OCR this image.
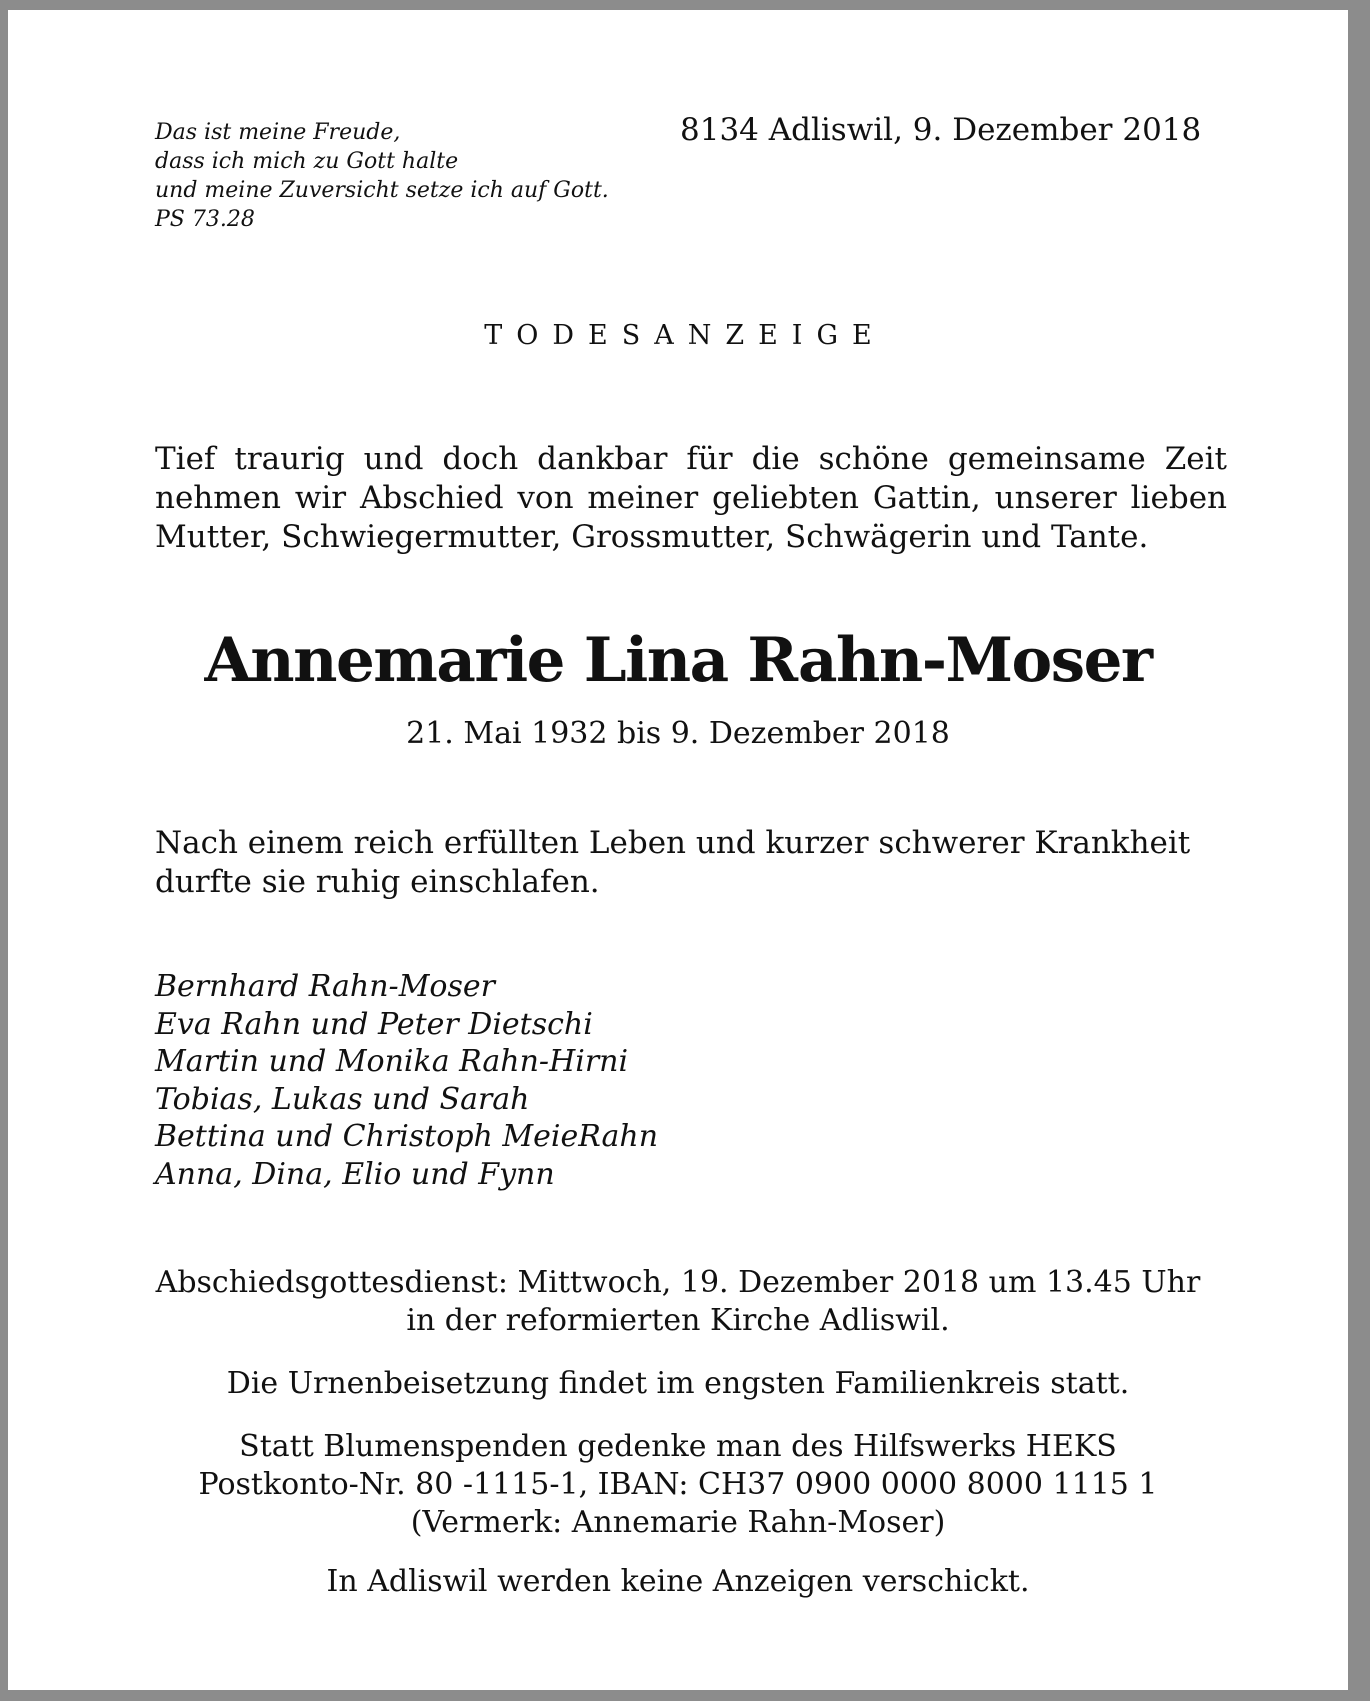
Das ist meine Freude,
dass ich mich zu Gott halte
und meine Zuversicht setze ich auf Gott.
PS 73.28
8134 Adliswil, 9. Dezember 2018
TODESANZEIGE
Tief traurig und doch dankbar für die schöne gemeinsame Zeit nehmen wir Abschied von meiner geliebten Gattin, unserer lieben Mutter, Schwiegermutter, Grossmutter, Schwägerin und Tante.
Annemarie Lina Rahn-Moser
21. Mai 1932 bis 9. Dezember 2018
Nach einem reich erfüllten Leben und kurzer schwerer Krankheit durfte sie ruhig einschlafen.
Bernhard Rahn-Moser
Eva Rahn und Peter Dietschi
Martin und Monika Rahn-Hirni
Tobias, Lukas und Sarah
Bettina und Christoph MeieRahn
Anna, Dina, Elio und Fynn
Abschiedsgottesdienst: Mittwoch, 19. Dezember 2018 um 13.45 Uhr
in der reformierten Kirche Adliswil.
Die Urnenbeisetzung findet im engsten Familienkreis statt.
Statt Blumenspenden gedenke man des Hilfswerks HEKS
Postkonto-Nr. 80 -1115-1, IBAN: CH37 0900 0000 8000 1115 1
(Vermerk: Annemarie Rahn-Moser)
In Adliswil werden keine Anzeigen verschickt.
